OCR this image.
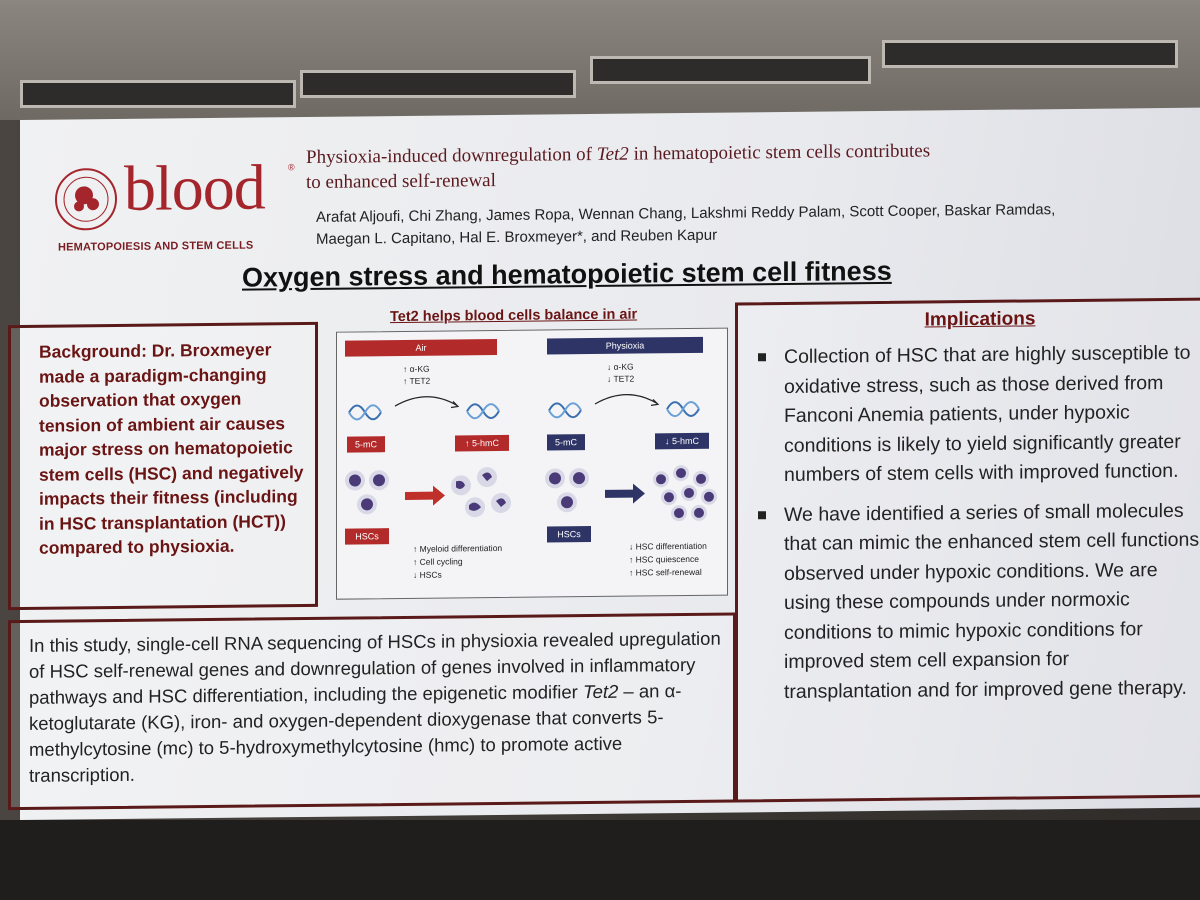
blood	®
HEMATOPOIESIS AND STEM CELLS
Physioxia-induced downregulation of Tet2 in hematopoietic stem cells contributes to enhanced self-renewal
Arafat Aljoufi, Chi Zhang, James Ropa, Wennan Chang, Lakshmi Reddy Palam, Scott Cooper, Baskar Ramdas,
Maegan L. Capitano, Hal E. Broxmeyer*, and Reuben Kapur
Oxygen stress and hematopoietic stem cell fitness
Background: Dr. Broxmeyer made a paradigm-changing observation that oxygen tension of ambient air causes major stress on hematopoietic stem cells (HSC) and negatively impacts their fitness (including in HSC transplantation (HCT)) compared to physioxia.
Tet2 helps blood cells balance in air
Air
↑ α-KG
↑ TET2
5-mC	↑ 5-hmC
HSCs
↑ Myeloid differentiation
↑ Cell cycling
↓ HSCs
Physioxia
↓ α-KG
↓ TET2
5-mC	↓ 5-hmC
HSCs
↓ HSC differentiation
↑ HSC quiescence
↑ HSC self-renewal
In this study, single-cell RNA sequencing of HSCs in physioxia revealed upregulation of HSC self-renewal genes and downregulation of genes involved in inflammatory pathways and HSC differentiation, including the epigenetic modifier Tet2 – an α-ketoglutarate (KG), iron- and oxygen-dependent dioxygenase that converts 5-methylcytosine (mc) to 5-hydroxymethylcytosine (hmc) to promote active transcription.
Implications
Collection of HSC that are highly susceptible to oxidative stress, such as those derived from Fanconi Anemia patients, under hypoxic conditions is likely to yield significantly greater numbers of stem cells with improved function.
We have identified a series of small molecules that can mimic the enhanced stem cell functions observed under hypoxic conditions. We are using these compounds under normoxic conditions to mimic hypoxic conditions for improved stem cell expansion for transplantation and for improved gene therapy.
